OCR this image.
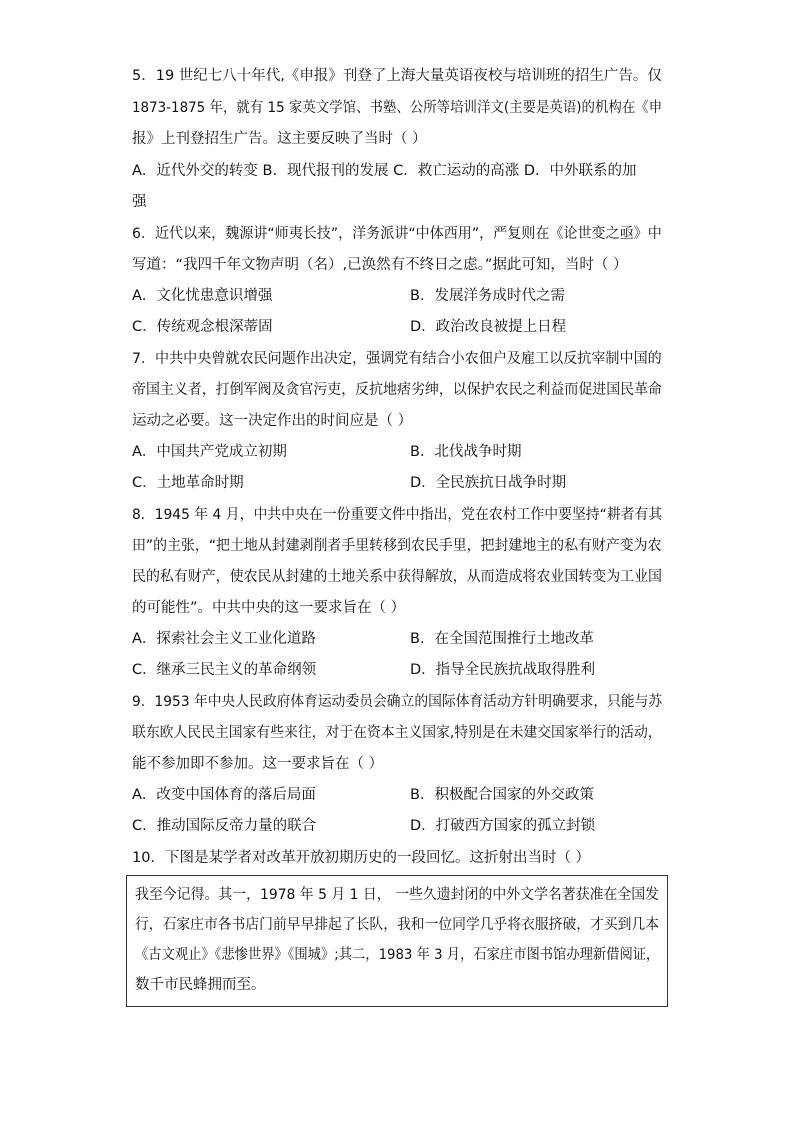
5．19 世纪七八十年代,《申报》刊登了上海大量英语夜校与培训班的招生广告。仅
1873-1875 年，就有 15 家英文学馆、书塾、公所等培训洋文(主要是英语)的机构在《申
报》上刊登招生广告。这主要反映了当时（ ）
A．近代外交的转变 B．现代报刊的发展 C．救亡运动的高涨 D．中外联系的加
强
6．近代以来，魏源讲“师夷长技”，洋务派讲“中体西用”，严复则在《论世变之亟》中
写道：“我四千年文物声明（名）,已涣然有不终日之虑。”据此可知，当时（ ）
A．文化忧患意识增强	B．发展洋务成时代之需
C．传统观念根深蒂固	D．政治改良被提上日程
7．中共中央曾就农民问题作出决定，强调党有结合小农佃户及雇工以反抗宰制中国的
帝国主义者，打倒军阀及贪官污吏，反抗地痞劣绅，以保护农民之利益而促进国民革命
运动之必要。这一决定作出的时间应是（ ）
A．中国共产党成立初期	B．北伐战争时期
C．土地革命时期	D．全民族抗日战争时期
8．1945 年 4 月，中共中央在一份重要文件中指出，党在农村工作中要坚持“耕者有其
田”的主张，“把土地从封建剥削者手里转移到农民手里，把封建地主的私有财产变为农
民的私有财产，使农民从封建的土地关系中获得解放，从而造成将农业国转变为工业国
的可能性”。中共中央的这一要求旨在（ ）
A．探索社会主义工业化道路	B．在全国范围推行土地改革
C．继承三民主义的革命纲领	D．指导全民族抗战取得胜利
9．1953 年中央人民政府体育运动委员会确立的国际体育活动方针明确要求，只能与苏
联东欧人民民主国家有些来往，对于在资本主义国家,特别是在未建交国家举行的活动，
能不参加即不参加。这一要求旨在（ ）
A．改变中国体育的落后局面	B．积极配合国家的外交政策
C．推动国际反帝力量的联合	D．打破西方国家的孤立封锁
10．下图是某学者对改革开放初期历史的一段回忆。这折射出当时（ ）
我至今记得。其一，1978 年 5 月 1 日， 一些久遗封闭的中外文学名著获准在全国发
行，石家庄市各书店门前早早排起了长队，我和一位同学几乎将衣服挤破，才买到几本
《古文观止》《悲惨世界》《围城》;其二，1983 年 3 月，石家庄市图书馆办理新借阅证，
数千市民蜂拥而至。
